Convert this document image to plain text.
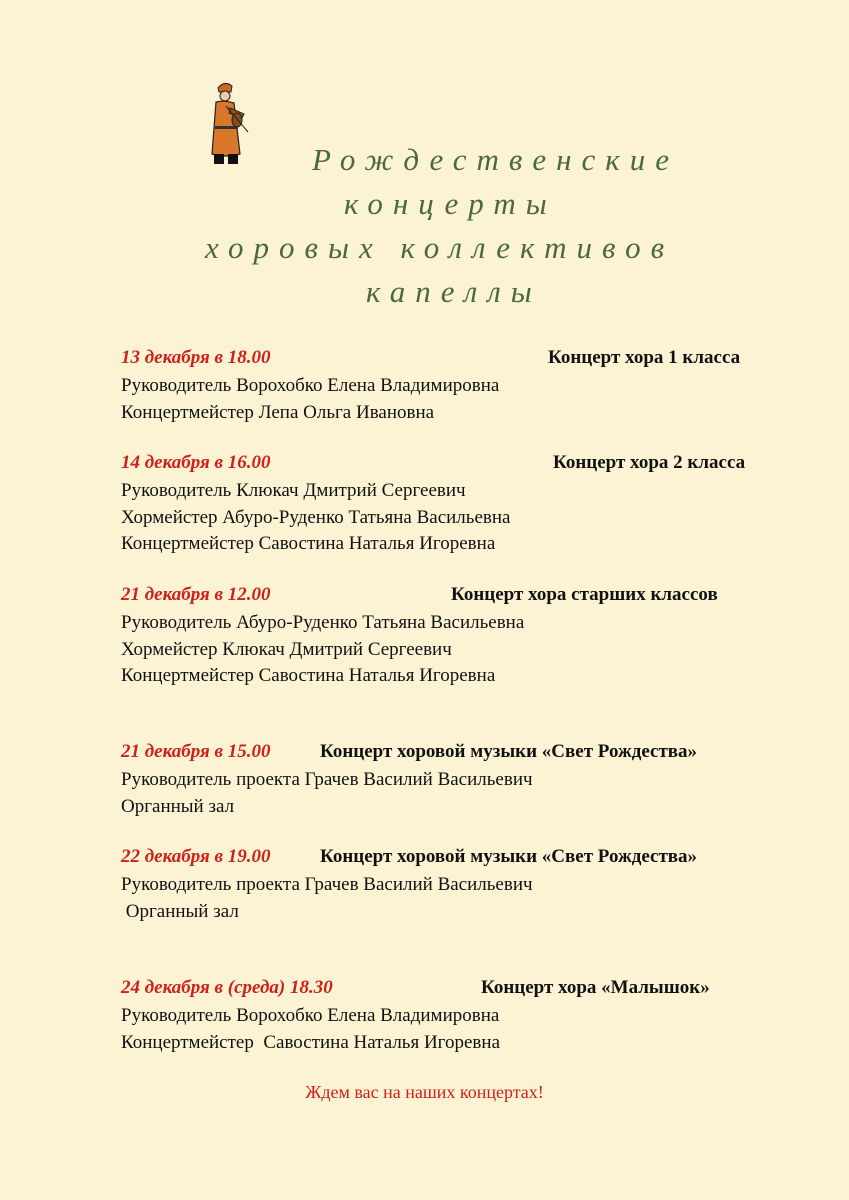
Рождественские
концерты
хоровых коллективов
капеллы
13 декабря в 18.00	Концерт хора 1 класса
Руководитель Ворохобко Елена Владимировна
Концертмейстер Лепа Ольга Ивановна
14 декабря в 16.00	Концерт хора 2 класса
Руководитель Клюкач Дмитрий Сергеевич
Хормейстер Абуро-Руденко Татьяна Васильевна
Концертмейстер Савостина Наталья Игоревна
21 декабря в 12.00	Концерт хора старших классов
Руководитель Абуро-Руденко Татьяна Васильевна
Хормейстер Клюкач Дмитрий Сергеевич
Концертмейстер Савостина Наталья Игоревна
21 декабря в 15.00	Концерт хоровой музыки «Свет Рождества»
Руководитель проекта Грачев Василий Васильевич
Органный зал
22 декабря в 19.00	Концерт хоровой музыки «Свет Рождества»
Руководитель проекта Грачев Василий Васильевич
Органный зал
24 декабря в (среда) 18.30	Концерт хора «Малышок»
Руководитель Ворохобко Елена Владимировна
Концертмейстер  Савостина Наталья Игоревна
Ждем вас на наших концертах!
